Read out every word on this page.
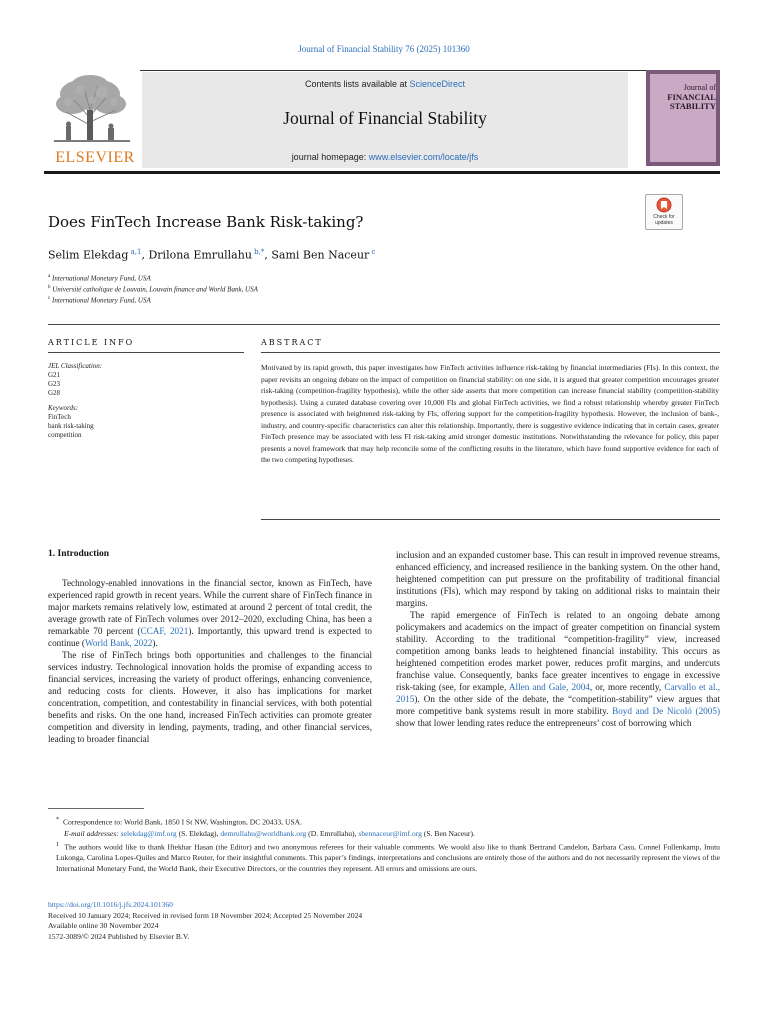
Journal of Financial Stability 76 (2025) 101360
ELSEVIER
Contents lists available at ScienceDirect
Journal of Financial Stability
journal homepage: www.elsevier.com/locate/jfs
Journal of
FINANCIAL
STABILITY
Does FinTech Increase Bank Risk-taking?	Check for
updates
Selim Elekdag $^{a,1}$, Drilona Emrullahu $^{b,*}$, Sami Ben Naceur $^c$
$^a$ International Monetary Fund, USA
$^b$ Université catholique de Louvain, Louvain finance and World Bank, USA
$^c$ International Monetary Fund, USA
ARTICLE INFO	ABSTRACT
JEL Classification:
G21
G23
G28

Keywords:
FinTech
bank risk-taking
competition
Motivated by its rapid growth, this paper investigates how FinTech activities influence risk-taking by financial intermediaries (FIs). In this context, the paper revisits an ongoing debate on the impact of competition on financial stability: on one side, it is argued that greater competition encourages greater risk-taking (competition-fragility hypothesis), while the other side asserts that more competition can increase financial stability (competition-stability hypothesis). Using a curated database covering over 10,000 FIs and global FinTech activities, we find a robust relationship whereby greater FinTech presence is associated with heightened risk-taking by FIs, offering support for the competition-fragility hypothesis. However, the inclusion of bank-, industry, and country-specific characteristics can alter this relationship. Importantly, there is suggestive evidence indicating that in certain cases, greater FinTech presence may be associated with less FI risk-taking amid stronger domestic institutions. Notwithstanding the relevance for policy, this paper presents a novel framework that may help reconcile some of the conflicting results in the literature, which have found supportive evidence for each of the two competing hypotheses.
1. Introduction

Technology-enabled innovations in the financial sector, known as FinTech, have experienced rapid growth in recent years. While the current share of FinTech finance in major markets remains relatively low, estimated at around 2 percent of total credit, the average growth rate of FinTech volumes over 2012–2020, excluding China, has been a remarkable 70 percent (CCAF, 2021). Importantly, this upward trend is expected to continue (World Bank, 2022).

The rise of FinTech brings both opportunities and challenges to the financial services industry. Technological innovation holds the promise of expanding access to financial services, increasing the variety of product offerings, enhancing convenience, and reducing costs for clients. However, it also has implications for market concentration, competition, and contestability in financial services, with both potential benefits and risks. On the one hand, increased FinTech activities can promote greater competition and diversity in lending, payments, trading, and other financial services, leading to broader financial

inclusion and an expanded customer base. This can result in improved revenue streams, enhanced efficiency, and increased resilience in the banking system. On the other hand, heightened competition can put pressure on the profitability of traditional financial institutions (FIs), which may respond by taking on additional risks to maintain their margins.

The rapid emergence of FinTech is related to an ongoing debate among policymakers and academics on the impact of greater competition on financial system stability. According to the traditional “competition-fragility” view, increased competition among banks leads to heightened financial instability. This occurs as heightened competition erodes market power, reduces profit margins, and undercuts franchise value. Consequently, banks face greater incentives to engage in excessive risk-taking (see, for example, Allen and Gale, 2004, or, more recently, Carvallo et al., 2015). On the other side of the debate, the “competition-stability” view argues that more competitive bank systems result in more stability. Boyd and De Nicoló (2005) show that lower lending rates reduce the entrepreneurs’ cost of borrowing which

* Correspondence to: World Bank, 1850 I St NW, Washington, DC 20433, USA.

E-mail addresses: selekdag@imf.org (S. Elekdag), demrullahu@worldbank.org (D. Emrullahu), sbennaceur@imf.org (S. Ben Naceur).

$^1$ The authors would like to thank Iftekhar Hasan (the Editor) and two anonymous referees for their valuable comments. We would also like to thank Bertrand Candelon, Barbara Casu, Connel Fullenkamp, Inutu Lukonga, Carolina Lopes-Quiles and Marco Reuter, for their insightful comments. This paper’s findings, interpretations and conclusions are entirely those of the authors and do not necessarily represent the views of the International Monetary Fund, the World Bank, their Executive Directors, or the countries they represent. All errors and omissions are ours.

https://doi.org/10.1016/j.jfs.2024.101360
Received 10 January 2024; Received in revised form 18 November 2024; Accepted 25 November 2024
Available online 30 November 2024
1572-3089/© 2024 Published by Elsevier B.V.
